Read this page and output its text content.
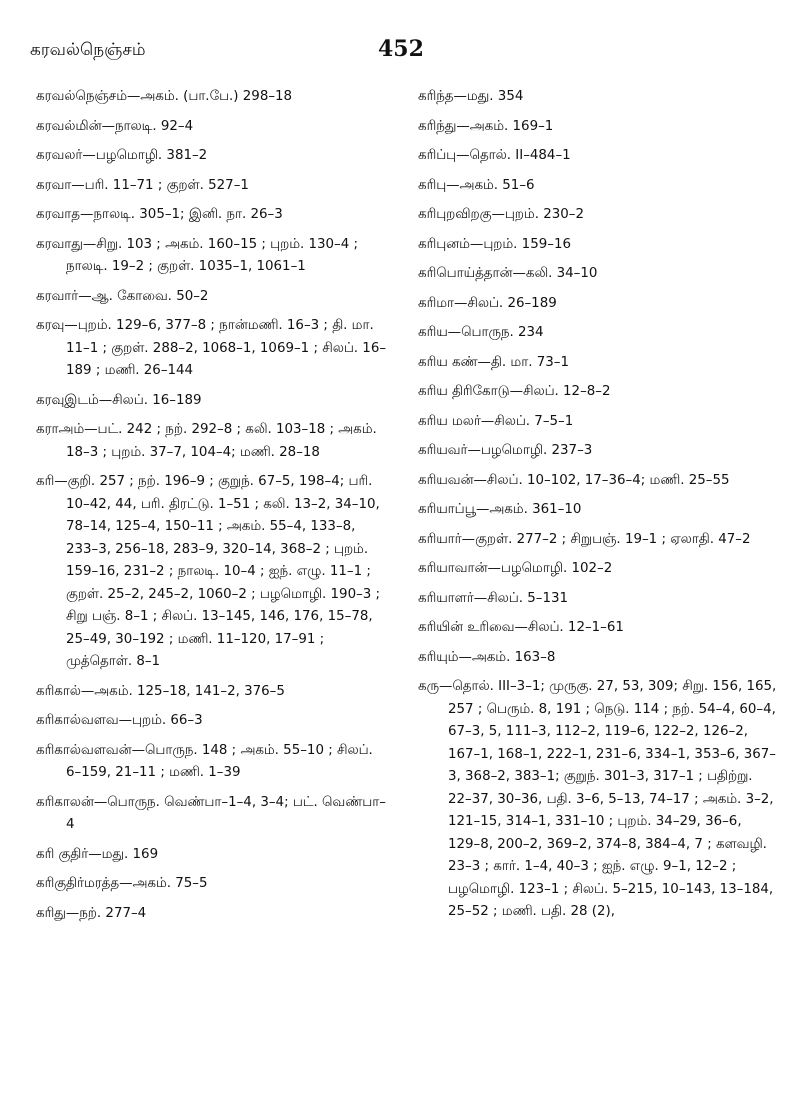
கரவல்நெஞ்சம்	452
கரவல்நெஞ்சம்—அகம். (பா.பே.) 298–18
கரவல்மின்—நாலடி. 92–4
கரவலர்—பழமொழி. 381–2
கரவா—பரி. 11–71 ; குறள். 527–1
கரவாத—நாலடி. 305–1; இனி. நா. 26–3
கரவாது—சிறு. 103 ; அகம். 160–15 ; புறம். 130–4 ; நாலடி. 19–2 ; குறள். 1035–1, 1061–1
கரவார்—ஆ. கோவை. 50–2
கரவு—புறம். 129–6, 377–8 ; நான்மணி. 16–3 ; தி. மா. 11–1 ; குறள். 288–2, 1068–1, 1069–1 ; சிலப். 16–189 ; மணி. 26–144
கரவுஇடம்—சிலப். 16–189
கராஅம்—பட். 242 ; நற். 292–8 ; கலி. 103–18 ; அகம். 18–3 ; புறம். 37–7, 104–4; மணி. 28–18
கரி—குறி. 257 ; நற். 196–9 ; குறுந். 67–5, 198–4; பரி. 10–42, 44, பரி. திரட்டு. 1–51 ; கலி. 13–2, 34–10, 78–14, 125–4, 150–11 ; அகம். 55–4, 133–8, 233–3, 256–18, 283–9, 320–14, 368–2 ; புறம். 159–16, 231–2 ; நாலடி. 10–4 ; ஐந். எழு. 11–1 ; குறள். 25–2, 245–2, 1060–2 ; பழமொழி. 190–3 ; சிறு பஞ். 8–1 ; சிலப். 13–145, 146, 176, 15–78, 25–49, 30–192 ; மணி. 11–120, 17–91 ; முத்தொள். 8–1
கரிகால்—அகம். 125–18, 141–2, 376–5
கரிகால்வளவ—புறம். 66–3
கரிகால்வளவன்—பொருந. 148 ; அகம். 55–10 ; சிலப். 6–159, 21–11 ; மணி. 1–39
கரிகாலன்—பொருந. வெண்பா–1–4, 3–4; பட். வெண்பா–4
கரி குதிர்—மது. 169
கரிகுதிர்மரத்த—அகம். 75–5
கரிது—நற். 277–4
கரிந்த—மது. 354
கரிந்து—அகம். 169–1
கரிப்பு—தொல். II–484–1
கரிபு—அகம். 51–6
கரிபுறவிறகு—புறம். 230–2
கரிபுனம்—புறம். 159–16
கரிபொய்த்தான்—கலி. 34–10
கரிமா—சிலப். 26–189
கரிய—பொருந. 234
கரிய கண்—தி. மா. 73–1
கரிய திரிகோடு—சிலப். 12–8–2
கரிய மலர்—சிலப். 7–5–1
கரியவர்—பழமொழி. 237–3
கரியவன்—சிலப். 10–102, 17–36–4; மணி. 25–55
கரியாப்பூ—அகம். 361–10
கரியார்—குறள். 277–2 ; சிறுபஞ். 19–1 ; ஏலாதி. 47–2
கரியாவான்—பழமொழி. 102–2
கரியாளர்—சிலப். 5–131
கரியின் உரிவை—சிலப். 12–1–61
கரியும்—அகம். 163–8
கரு—தொல். III–3–1; முருகு. 27, 53, 309; சிறு. 156, 165, 257 ; பெரும். 8, 191 ; நெடு. 114 ; நற். 54–4, 60–4, 67–3, 5, 111–3, 112–2, 119–6, 122–2, 126–2, 167–1, 168–1, 222–1, 231–6, 334–1, 353–6, 367–3, 368–2, 383–1; குறுந். 301–3, 317–1 ; பதிற்று. 22–37, 30–36, பதி. 3–6, 5–13, 74–17 ; அகம். 3–2, 121–15, 314–1, 331–10 ; புறம். 34–29, 36–6, 129–8, 200–2, 369–2, 374–8, 384–4, 7 ; களவழி. 23–3 ; கார். 1–4, 40–3 ; ஐந். எழு. 9–1, 12–2 ; பழமொழி. 123–1 ; சிலப். 5–215, 10–143, 13–184, 25–52 ; மணி. பதி. 28 (2),
